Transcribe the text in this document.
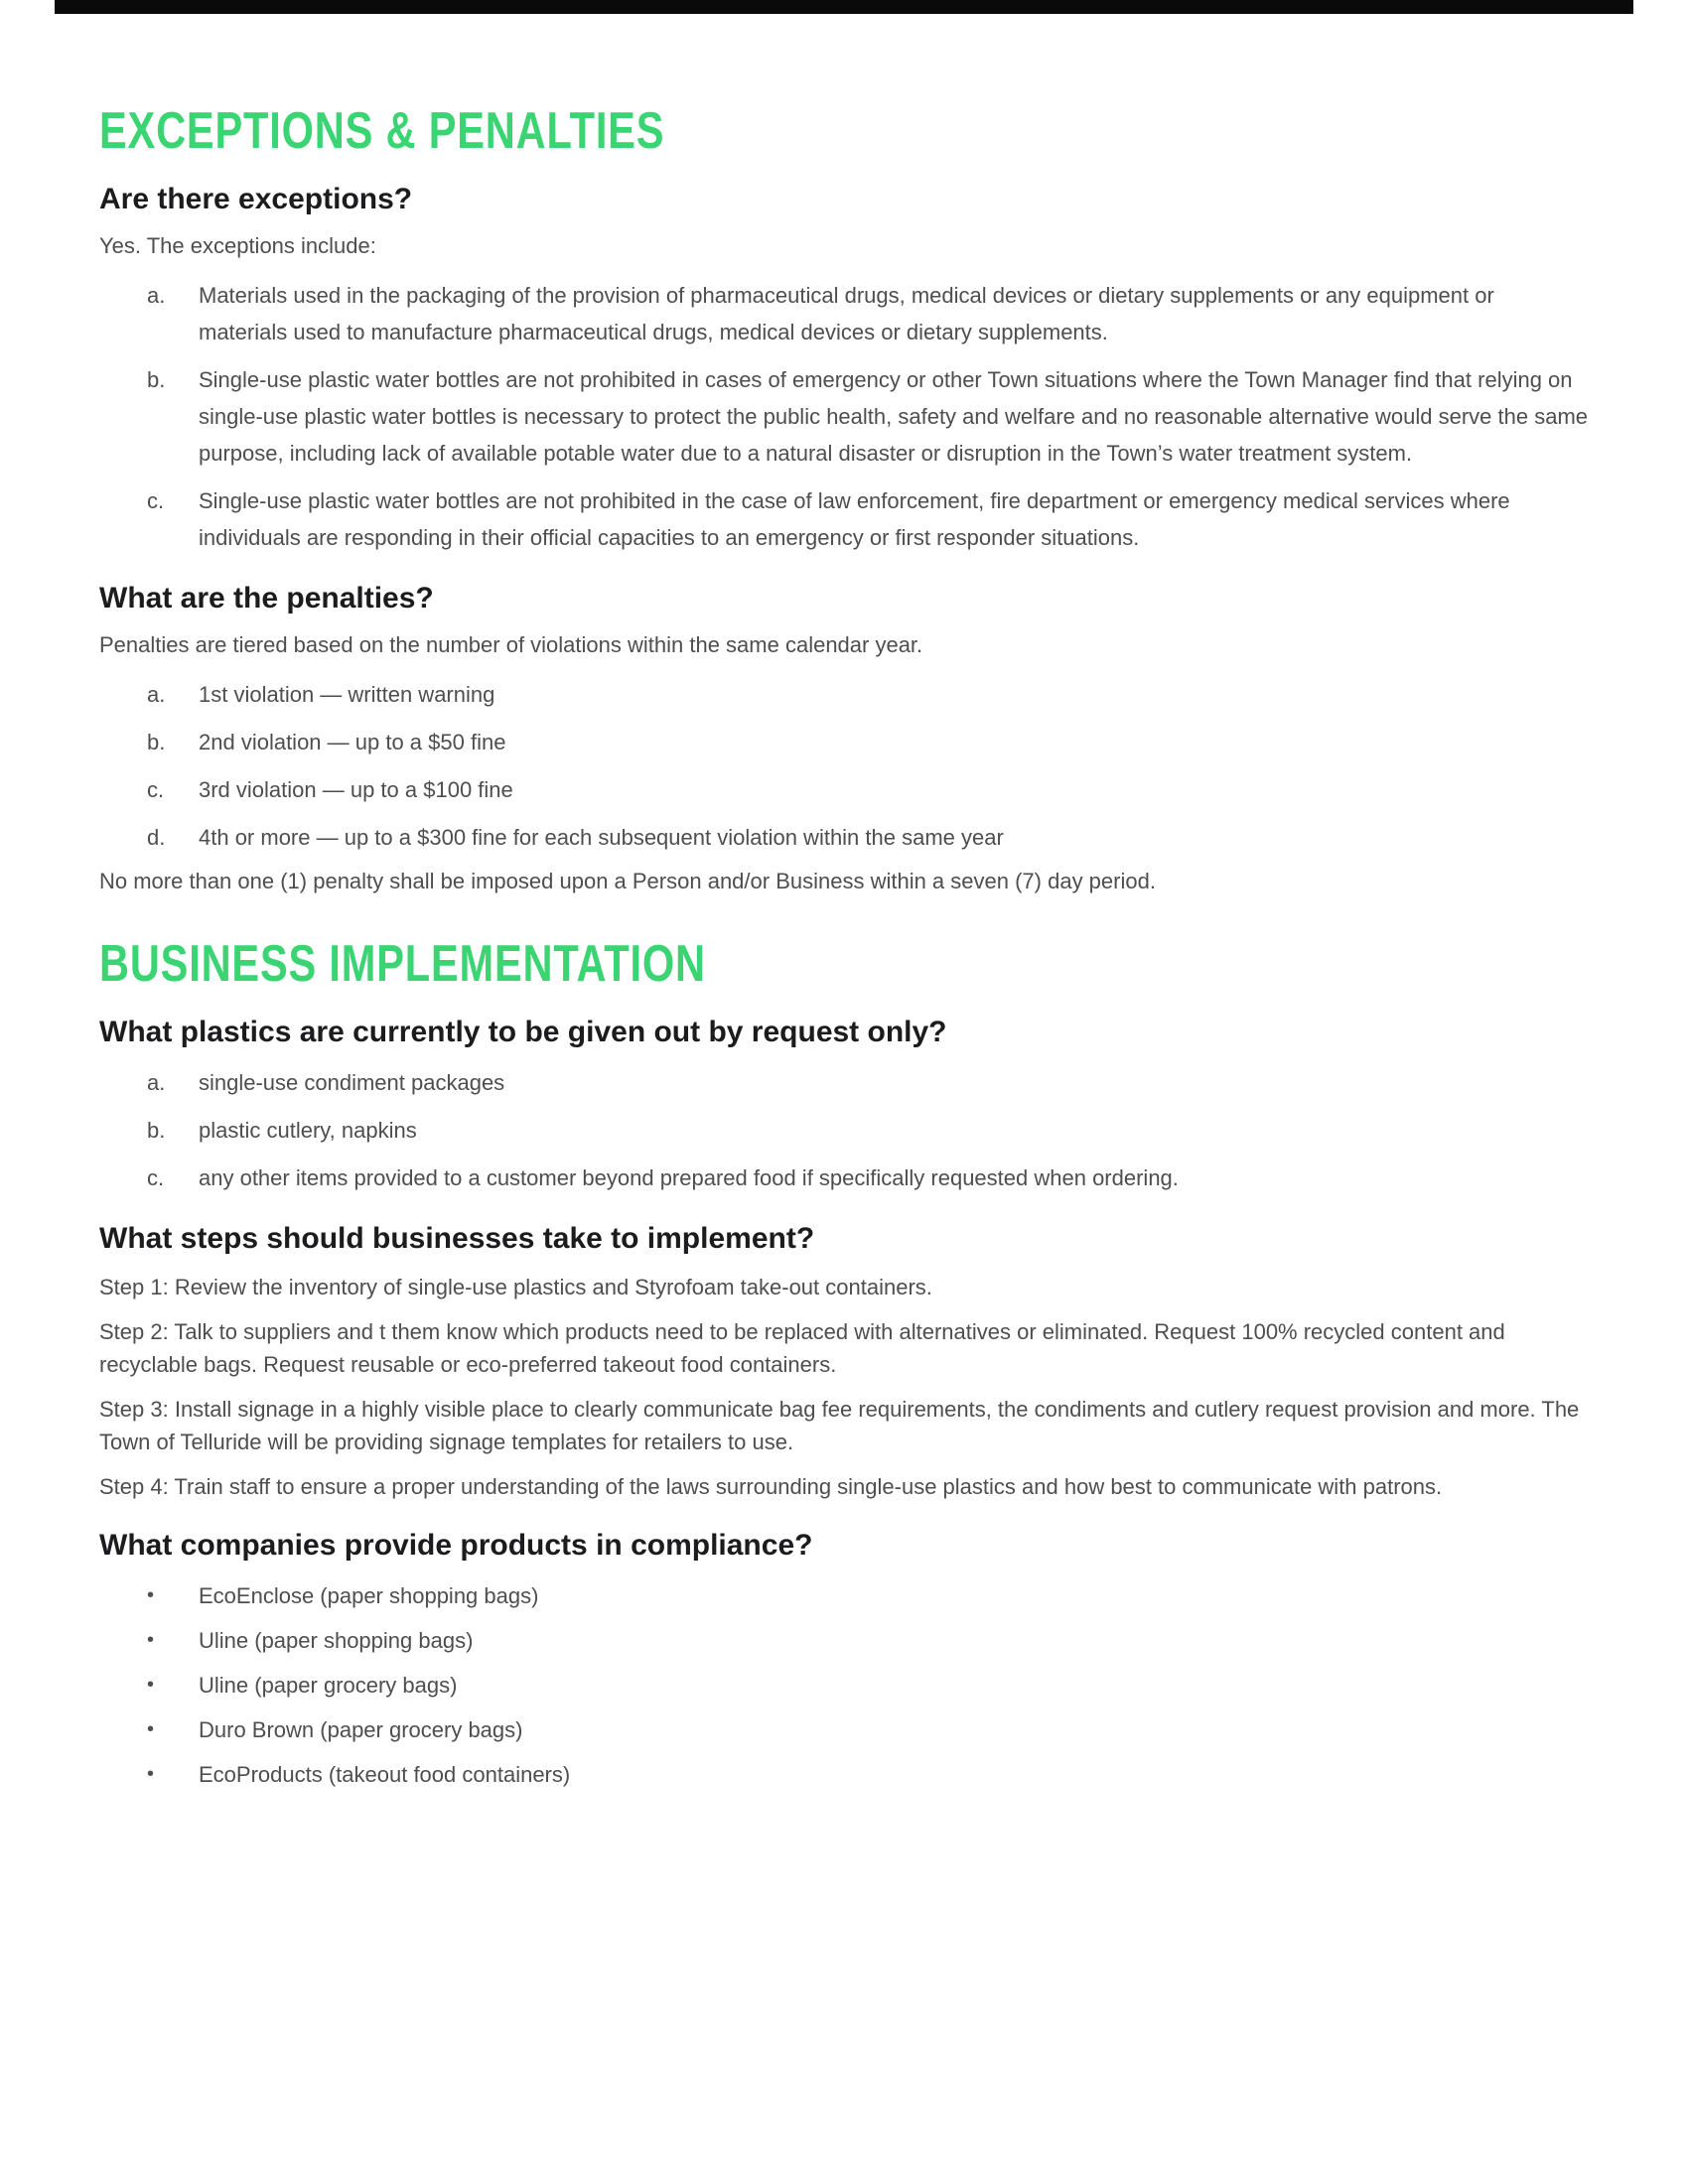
EXCEPTIONS & PENALTIES
Are there exceptions?

Yes. The exceptions include:

a. Materials used in the packaging of the provision of pharmaceutical drugs, medical devices or dietary supplements or any equipment or materials used to manufacture pharmaceutical drugs, medical devices or dietary supplements.
b. Single-use plastic water bottles are not prohibited in cases of emergency or other Town situations where the Town Manager find that relying on single-use plastic water bottles is necessary to protect the public health, safety and welfare and no reasonable alternative would serve the same purpose, including lack of available potable water due to a natural disaster or disruption in the Town’s water treatment system.
c. Single-use plastic water bottles are not prohibited in the case of law enforcement, fire department or emergency medical services where individuals are responding in their official capacities to an emergency or first responder situations.
What are the penalties?

Penalties are tiered based on the number of violations within the same calendar year.

a. 1st violation — written warning
b. 2nd violation — up to a $50 fine
c. 3rd violation — up to a $100 fine
d. 4th or more — up to a $300 fine for each subsequent violation within the same year

No more than one (1) penalty shall be imposed upon a Person and/or Business within a seven (7) day period.

BUSINESS IMPLEMENTATION
What plastics are currently to be given out by request only?
a. single-use condiment packages
b. plastic cutlery, napkins
c. any other items provided to a customer beyond prepared food if specifically requested when ordering.
What steps should businesses take to implement?

Step 1: Review the inventory of single-use plastics and Styrofoam take-out containers.

Step 2: Talk to suppliers and t them know which products need to be replaced with alternatives or eliminated. Request 100% recycled content and recyclable bags. Request reusable or eco-preferred takeout food containers.

Step 3: Install signage in a highly visible place to clearly communicate bag fee requirements, the condiments and cutlery request provision and more. The Town of Telluride will be providing signage templates for retailers to use.

Step 4: Train staff to ensure a proper understanding of the laws surrounding single-use plastics and how best to communicate with patrons.

What companies provide products in compliance?
• EcoEnclose (paper shopping bags)
• Uline (paper shopping bags)
• Uline (paper grocery bags)
• Duro Brown (paper grocery bags)
• EcoProducts (takeout food containers)
